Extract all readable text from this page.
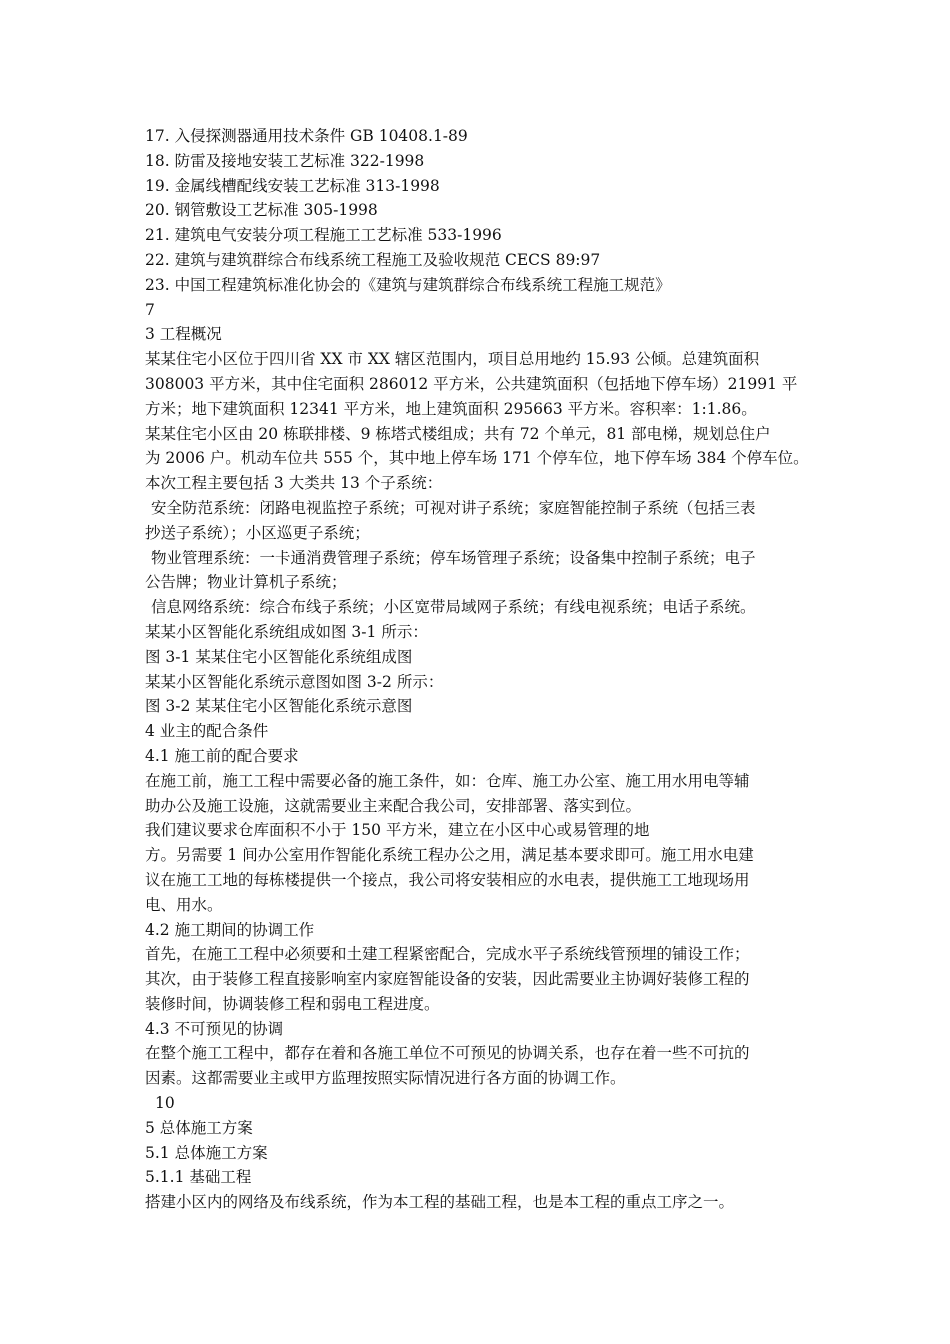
17. 入侵探测器通用技术条件 GB 10408.1-89
18. 防雷及接地安装工艺标准 322-1998
19. 金属线槽配线安装工艺标准 313-1998
20. 钢管敷设工艺标准 305-1998
21. 建筑电气安装分项工程施工工艺标准 533-1996
22. 建筑与建筑群综合布线系统工程施工及验收规范 CECS 89:97
23. 中国工程建筑标准化协会的《建筑与建筑群综合布线系统工程施工规范》
7
3 工程概况
某某住宅小区位于四川省 XX 市 XX 辖区范围内，项目总用地约 15.93 公倾。总建筑面积
308003 平方米，其中住宅面积 286012 平方米，公共建筑面积（包括地下停车场）21991 平
方米；地下建筑面积 12341 平方米，地上建筑面积 295663 平方米。容积率：1:1.86。
某某住宅小区由 20 栋联排楼、9 栋塔式楼组成；共有 72 个单元，81 部电梯，规划总住户
为 2006 户。机动车位共 555 个，其中地上停车场 171 个停车位，地下停车场 384 个停车位。
本次工程主要包括 3 大类共 13 个子系统：
安全防范系统：闭路电视监控子系统；可视对讲子系统；家庭智能控制子系统（包括三表
抄送子系统）；小区巡更子系统；
物业管理系统：一卡通消费管理子系统；停车场管理子系统；设备集中控制子系统；电子
公告牌；物业计算机子系统；
信息网络系统：综合布线子系统；小区宽带局域网子系统；有线电视系统；电话子系统。
某某小区智能化系统组成如图 3-1 所示：
图 3-1 某某住宅小区智能化系统组成图
某某小区智能化系统示意图如图 3-2 所示：
图 3-2 某某住宅小区智能化系统示意图
4 业主的配合条件
4.1 施工前的配合要求
在施工前，施工工程中需要必备的施工条件，如：仓库、施工办公室、施工用水用电等辅
助办公及施工设施，这就需要业主来配合我公司，安排部署、落实到位。
我们建议要求仓库面积不小于 150 平方米，建立在小区中心或易管理的地
方。另需要 1 间办公室用作智能化系统工程办公之用，满足基本要求即可。施工用水电建
议在施工工地的每栋楼提供一个接点，我公司将安装相应的水电表，提供施工工地现场用
电、用水。
4.2 施工期间的协调工作
首先，在施工工程中必须要和土建工程紧密配合，完成水平子系统线管预埋的铺设工作；
其次，由于装修工程直接影响室内家庭智能设备的安装，因此需要业主协调好装修工程的
装修时间，协调装修工程和弱电工程进度。
4.3 不可预见的协调
在整个施工工程中，都存在着和各施工单位不可预见的协调关系，也存在着一些不可抗的
因素。这都需要业主或甲方监理按照实际情况进行各方面的协调工作。
10
5 总体施工方案
5.1 总体施工方案
5.1.1 基础工程
搭建小区内的网络及布线系统，作为本工程的基础工程，也是本工程的重点工序之一。
